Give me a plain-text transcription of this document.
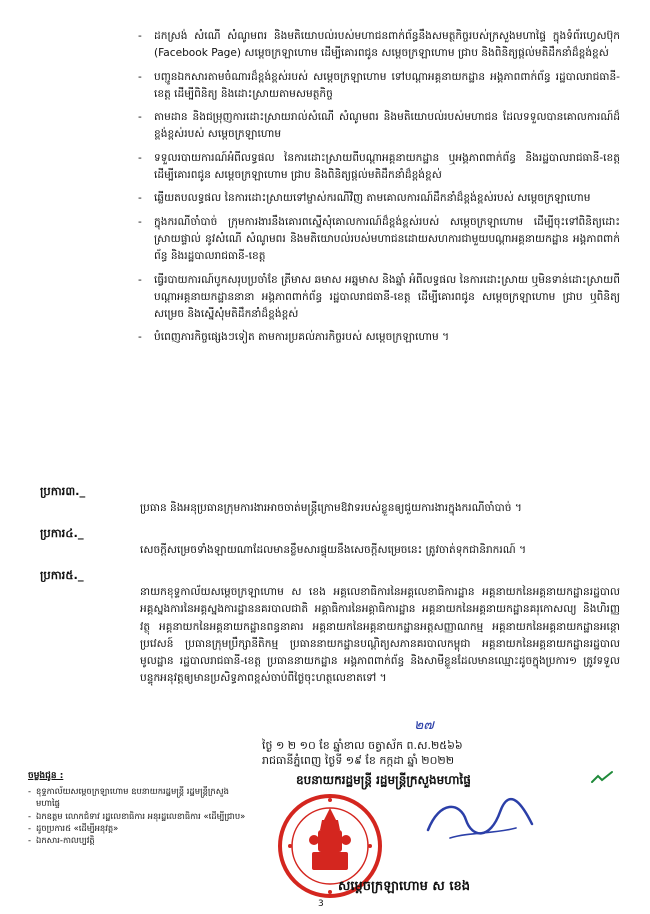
- ដកស្រង់ សំណើ សំណូមពរ និងមតិយោបល់របស់មហាជនពាក់ព័ន្ធនឹងសមត្ថកិច្ចរបស់ក្រសួងមហាផ្ទៃ ក្នុងទំព័រហ្វេសប៊ុក (Facebook Page) សម្ដេចក្រឡាហោម ដើម្បីគោរពជូន សម្ដេចក្រឡាហោម ជ្រាប និងពិនិត្យផ្ដល់មតិដឹកនាំដ៏ខ្ពង់ខ្ពស់
- បញ្ជូនឯកសារតាមចំណារដ៏ខ្ពង់ខ្ពស់របស់ សម្ដេចក្រឡាហោម ទៅបណ្ដាអគ្គនាយកដ្ឋាន អង្គភាពពាក់ព័ន្ធ រដ្ឋបាលរាជធានី-ខេត្ត ដើម្បីពិនិត្យ និងដោះស្រាយតាមសមត្ថកិច្ច
- តាមដាន និងជម្រុញការដោះស្រាយរាល់សំណើ សំណូមពរ និងមតិយោបល់របស់មហាជន ដែលទទួលបានគោលការណ៍ដ៏ខ្ពង់ខ្ពស់របស់ សម្ដេចក្រឡាហោម
- ទទួលរបាយការណ៍អំពីលទ្ធផល នៃការដោះស្រាយពីបណ្ដាអគ្គនាយកដ្ឋាន ឬអង្គភាពពាក់ព័ន្ធ និងរដ្ឋបាលរាជធានី-ខេត្ត ដើម្បីគោរពជូន សម្ដេចក្រឡាហោម ជ្រាប និងពិនិត្យផ្ដល់មតិដឹកនាំដ៏ខ្ពង់ខ្ពស់
- ឆ្លើយតបលទ្ធផល នៃការដោះស្រាយទៅម្ចាស់ករណីវិញ តាមគោលការណ៍ដឹកនាំដ៏ខ្ពង់ខ្ពស់របស់ សម្ដេចក្រឡាហោម
- ក្នុងករណីចាំបាច់ ក្រុមការងារនឹងគោរពស្នើសុំគោលការណ៍ដ៏ខ្ពង់ខ្ពស់របស់ សម្ដេចក្រឡាហោម ដើម្បីចុះទៅពិនិត្យដោះស្រាយផ្ទាល់ នូវសំណើ សំណូមពរ និងមតិយោបល់របស់មហាជនដោយសហការជាមួយបណ្ដាអគ្គនាយកដ្ឋាន អង្គភាពពាក់ព័ន្ធ និងរដ្ឋបាលរាជធានី-ខេត្ត
- ធ្វើរបាយការណ៍បូកសរុបប្រចាំខែ ត្រីមាស ឆមាស អឆ្នមាស និងឆ្នាំ អំពីលទ្ធផល នៃការដោះស្រាយ ឬមិនទាន់ដោះស្រាយពីបណ្ដាអគ្គនាយកដ្ឋាននានា អង្គភាពពាក់ព័ន្ធ រដ្ឋបាលរាជធានី-ខេត្ត ដើម្បីគោរពជូន សម្ដេចក្រឡាហោម ជ្រាប ឬពិនិត្យ សម្រេច និងស្នើសុំមតិដឹកនាំដ៏ខ្ពង់ខ្ពស់
- បំពេញភារកិច្ចផ្សេងៗទៀត តាមការប្រគល់ភារកិច្ចរបស់ សម្ដេចក្រឡាហោម ។
ប្រការ៣._
ប្រធាន និងអនុប្រធានក្រុមការងារអាចចាត់មន្ត្រីក្រោមឱវាទរបស់ខ្លួនឲ្យជួយការងារក្នុងករណីចាំបាច់ ។
ប្រការ៤._
សេចក្ដីសម្រេចទាំងឡាយណាដែលមានខ្លឹមសារផ្ទុយនឹងសេចក្ដីសម្រេចនេះ ត្រូវចាត់ទុកជានិរាករណ៍ ។
ប្រការ៥._
នាយកខុទ្ទកាល័យសម្ដេចក្រឡាហោម ស ខេង អគ្គលេខាធិការនៃអគ្គលេខាធិការដ្ឋាន អគ្គនាយកនៃអគ្គនាយកដ្ឋានរដ្ឋបាល អគ្គស្នងការនៃអគ្គស្នងការដ្ឋាននគរបាលជាតិ អគ្គាធិការនៃអគ្គាធិការដ្ឋាន អគ្គនាយកនៃអគ្គនាយកដ្ឋានគរុកោសល្យ និងហិរញ្ញវត្ថុ អគ្គនាយកនៃអគ្គនាយកដ្ឋានពន្ធនាគារ អគ្គនាយកនៃអគ្គនាយកដ្ឋានអត្តសញ្ញាណកម្ម អគ្គនាយកនៃអគ្គនាយកដ្ឋានអន្តោប្រវេសន៍ ប្រធានក្រុមប្រឹក្សានីតិកម្ម ប្រធាននាយកដ្ឋានបណ្ដិត្យសភានគរបាលកម្ពុជា អគ្គនាយកនៃអគ្គនាយកដ្ឋានរដ្ឋបាលមូលដ្ឋាន រដ្ឋបាលរាជធានី-ខេត្ត ប្រធាននាយកដ្ឋាន អង្គភាពពាក់ព័ន្ធ និងសាមីខ្លួនដែលមានឈ្មោះដូចក្នុងប្រការ១ ត្រូវទទួលបន្ទុកអនុវត្តឲ្យមានប្រសិទ្ធភាពខ្ពស់ចាប់ពីថ្ងៃចុះហត្ថលេខាតទៅ ។
๒๗
ថ្ងៃ ១ ២ ១០ ខែ ឆ្នាំខាល ចត្វាស័ក ព.ស.២៥៦៦
រាជធានីភ្នំពេញ ថ្ងៃទី ១៩ ខែ កក្កដា ឆ្នាំ ២០២២
ឧបនាយករដ្ឋមន្ត្រី រដ្ឋមន្ត្រីក្រសួងមហាផ្ទៃ
សម្ដេចក្រឡាហោម ស ខេង
ចម្លងជូន :
- ខុទ្ទកាល័យសម្ដេចក្រឡាហោម ឧបនាយករដ្ឋមន្ត្រី រដ្ឋមន្ត្រីក្រសួងមហាផ្ទៃ
- ឯកឧត្តម លោកជំទាវ រដ្ឋលេខាធិការ អនុរដ្ឋលេខាធិការ «ដើម្បីជ្រាប»
- ដូចប្រការ៥ «ដើម្បីអនុវត្ត»
- ឯកសារ-កាលប្បវត្តិ
3
